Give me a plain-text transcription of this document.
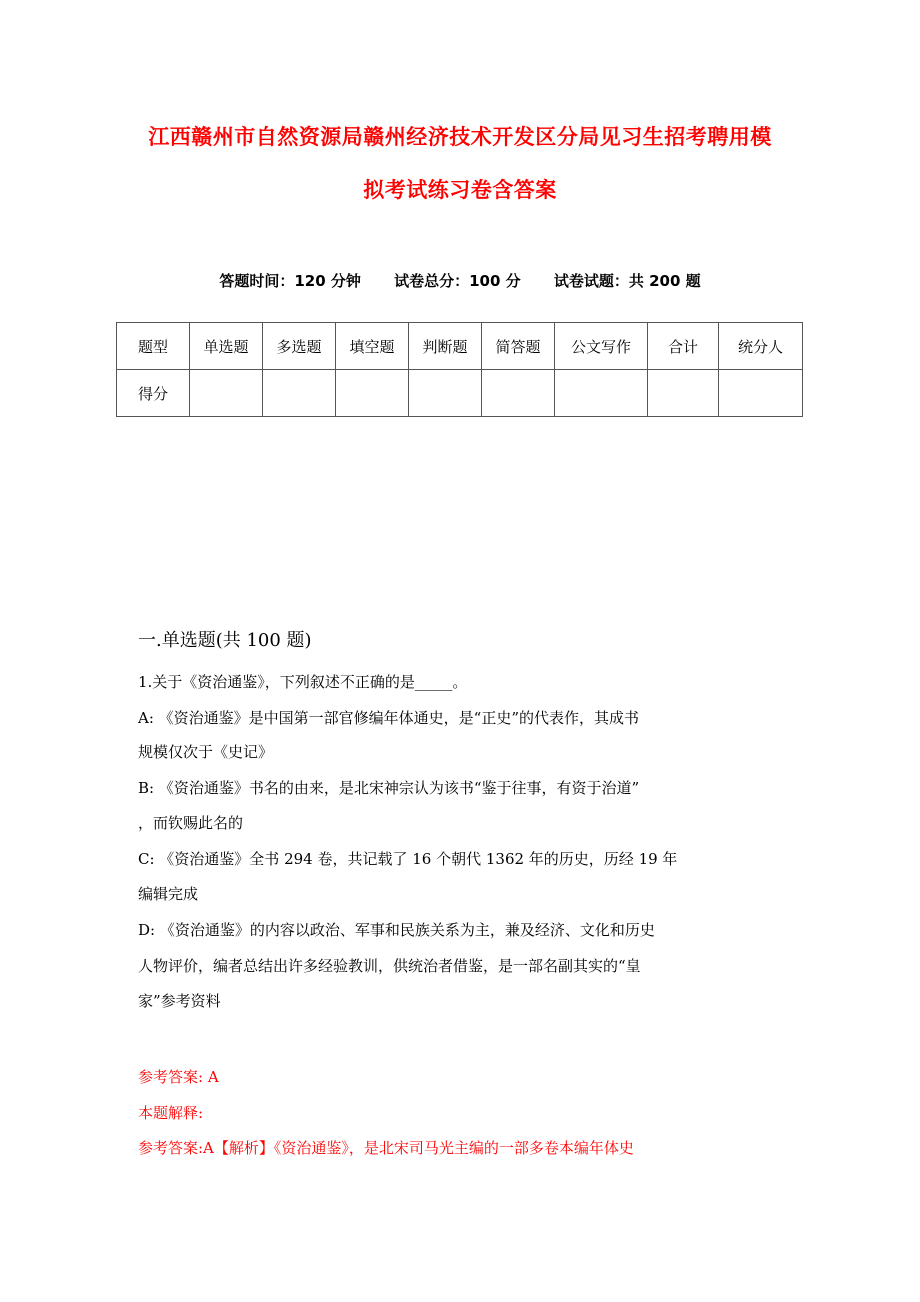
江西赣州市自然资源局赣州经济技术开发区分局见习生招考聘用模
拟考试练习卷含答案
答题时间：120 分钟 试卷总分：100 分 试卷试题：共 200 题
题型	单选题	多选题	填空题	判断题	简答题	公文写作	合计	统分人
得分								
一.单选题(共 100 题)
1.关于《资治通鉴》，下列叙述不正确的是_____。
A: 《资治通鉴》是中国第一部官修编年体通史，是“正史”的代表作，其成书
规模仅次于《史记》
B: 《资治通鉴》书名的由来，是北宋神宗认为该书“鉴于往事，有资于治道”
，而钦赐此名的
C: 《资治通鉴》全书 294 卷，共记载了 16 个朝代 1362 年的历史，历经 19 年
编辑完成
D: 《资治通鉴》的内容以政治、军事和民族关系为主，兼及经济、文化和历史
人物评价，编者总结出许多经验教训，供统治者借鉴，是一部名副其实的“皇
家”参考资料
参考答案: A
本题解释:
参考答案:A【解析】《资治通鉴》，是北宋司马光主编的一部多卷本编年体史
